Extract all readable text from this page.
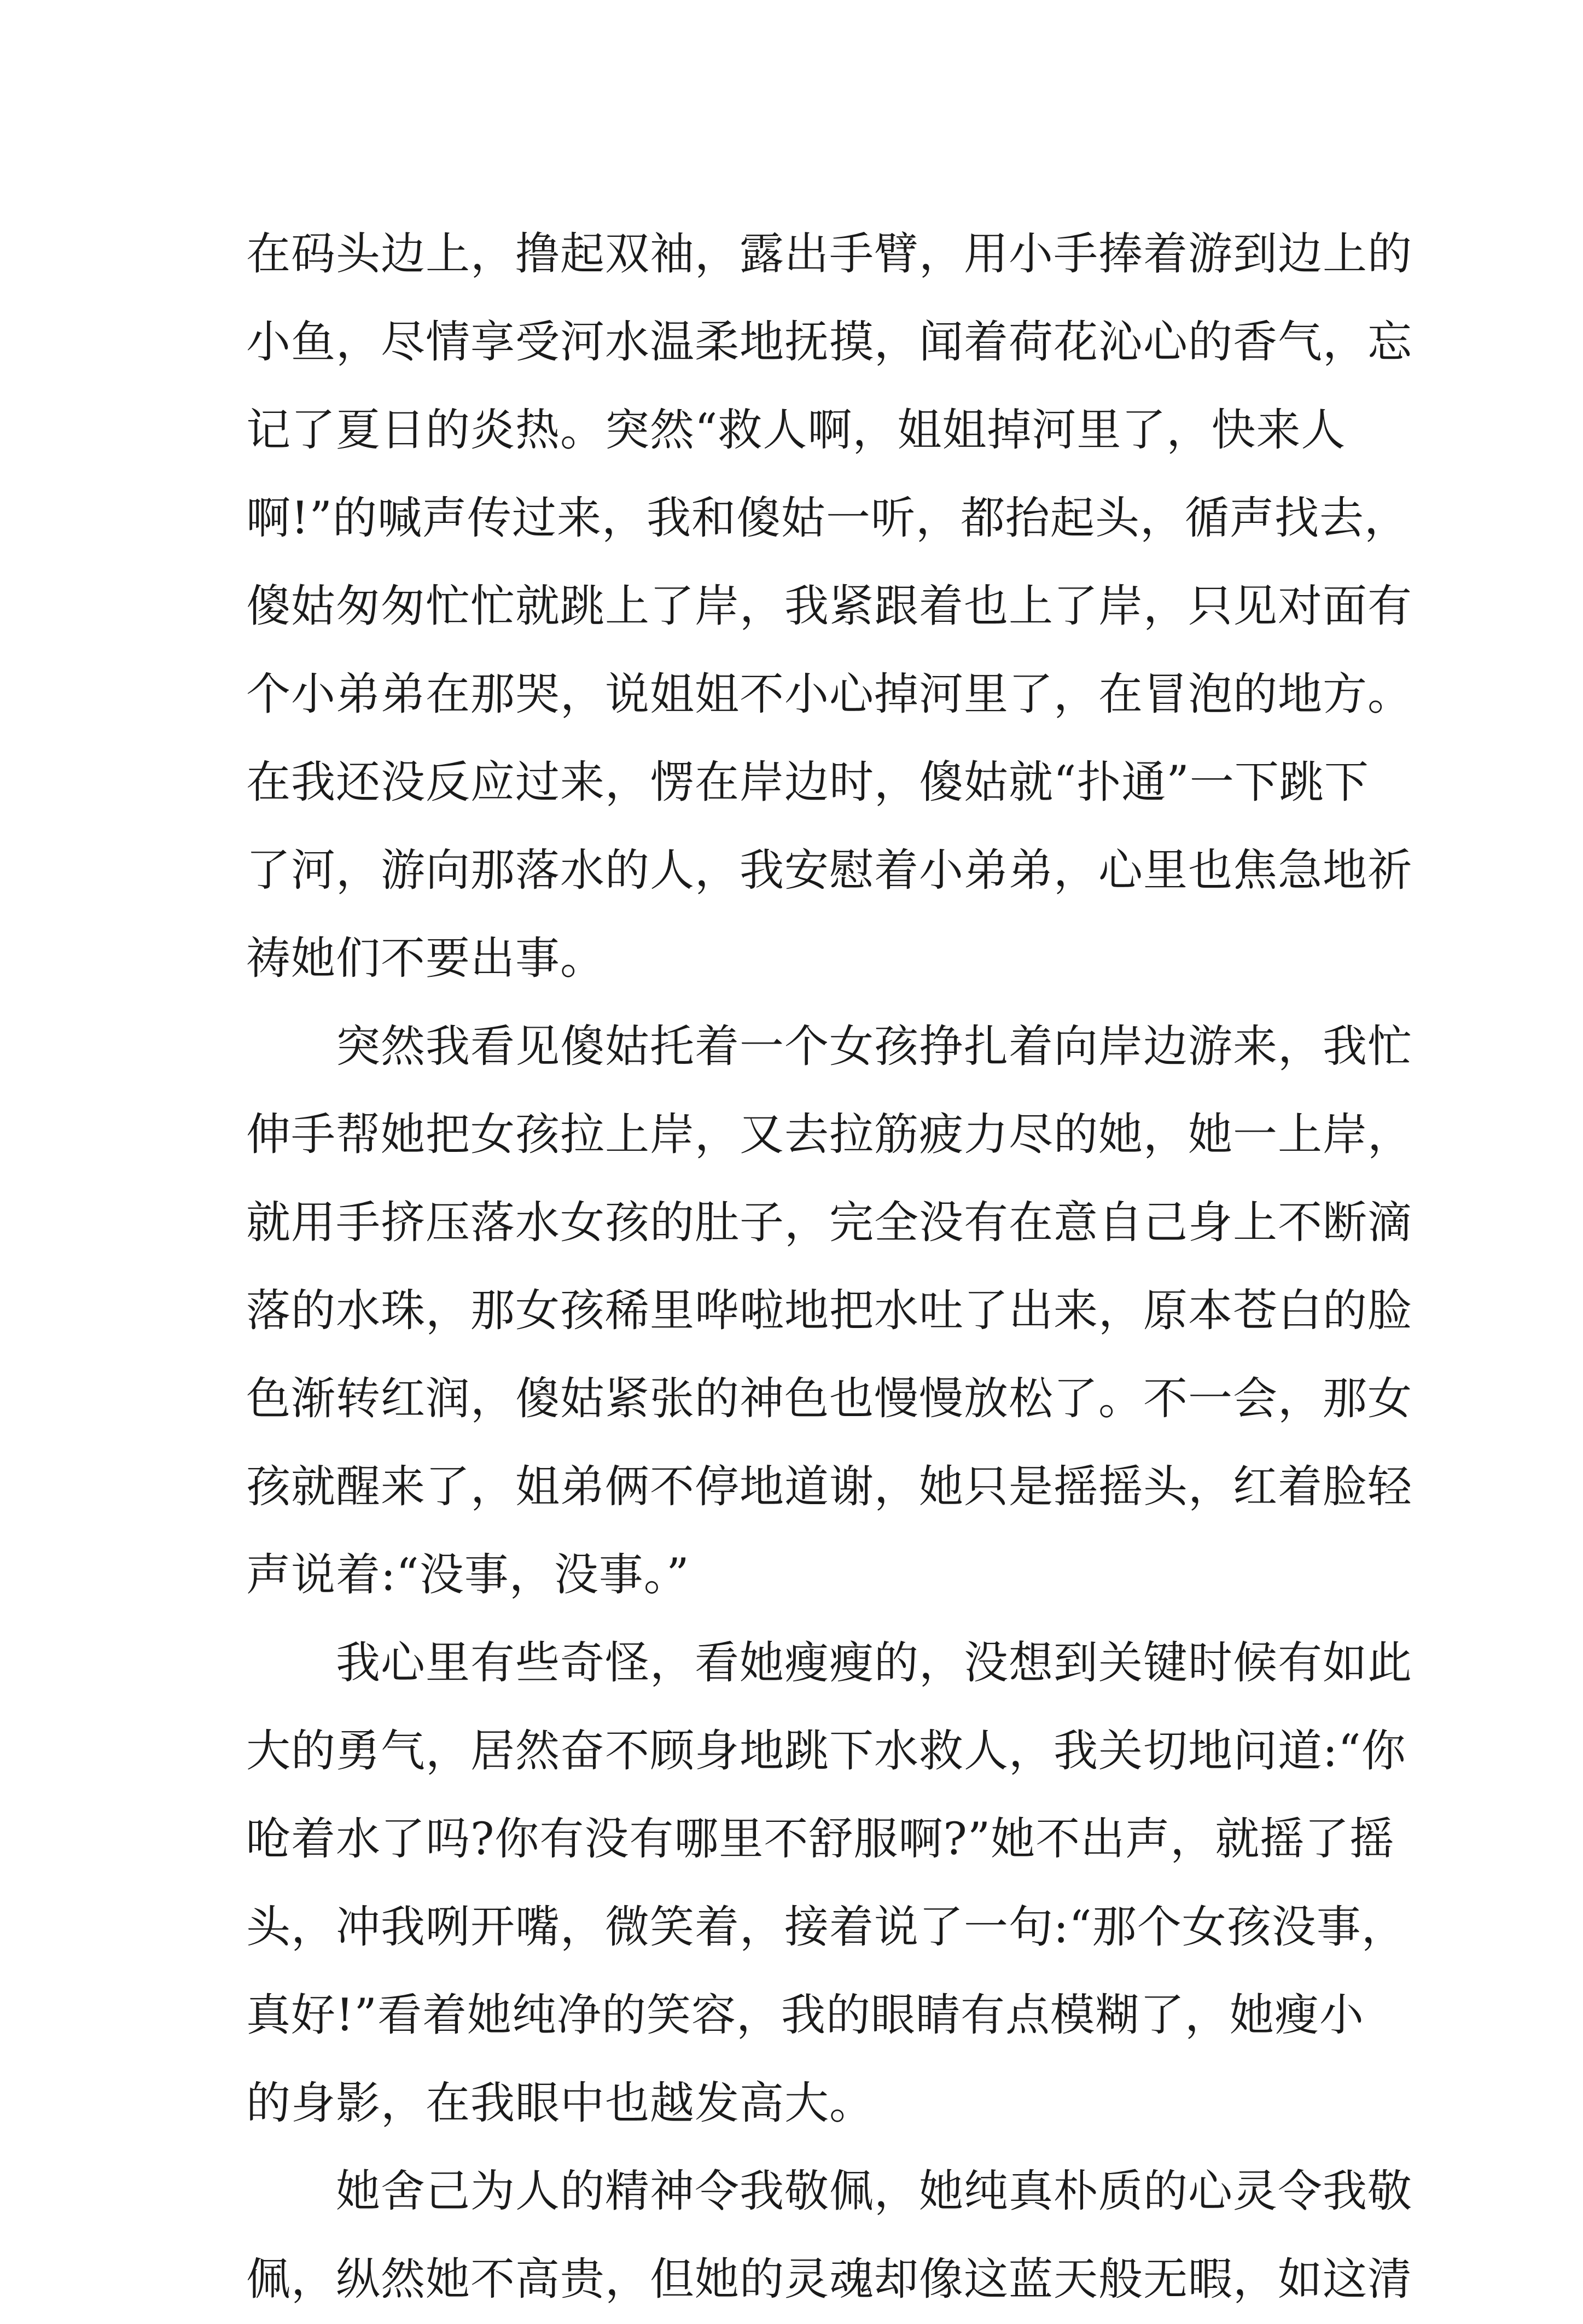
在码头边上，撸起双袖，露出手臂，用小手捧着游到边上的
小鱼，尽情享受河水温柔地抚摸，闻着荷花沁心的香气，忘
记了夏日的炎热。突然“救人啊，姐姐掉河里了，快来人
啊!”的喊声传过来，我和傻姑一听，都抬起头，循声找去，
傻姑匆匆忙忙就跳上了岸，我紧跟着也上了岸，只见对面有
个小弟弟在那哭，说姐姐不小心掉河里了，在冒泡的地方。
在我还没反应过来，愣在岸边时，傻姑就“扑通”一下跳下
了河，游向那落水的人，我安慰着小弟弟，心里也焦急地祈
祷她们不要出事。
突然我看见傻姑托着一个女孩挣扎着向岸边游来，我忙
伸手帮她把女孩拉上岸，又去拉筋疲力尽的她，她一上岸，
就用手挤压落水女孩的肚子，完全没有在意自己身上不断滴
落的水珠，那女孩稀里哗啦地把水吐了出来，原本苍白的脸
色渐转红润，傻姑紧张的神色也慢慢放松了。不一会，那女
孩就醒来了，姐弟俩不停地道谢，她只是摇摇头，红着脸轻
声说着:“没事，没事。”
我心里有些奇怪，看她瘦瘦的，没想到关键时候有如此
大的勇气，居然奋不顾身地跳下水救人，我关切地问道:“你
呛着水了吗?你有没有哪里不舒服啊?”她不出声，就摇了摇
头，冲我咧开嘴，微笑着，接着说了一句:“那个女孩没事，
真好!”看着她纯净的笑容，我的眼睛有点模糊了，她瘦小
的身影，在我眼中也越发高大。
她舍己为人的精神令我敬佩，她纯真朴质的心灵令我敬
佩，纵然她不高贵，但她的灵魂却像这蓝天般无暇，如这清
